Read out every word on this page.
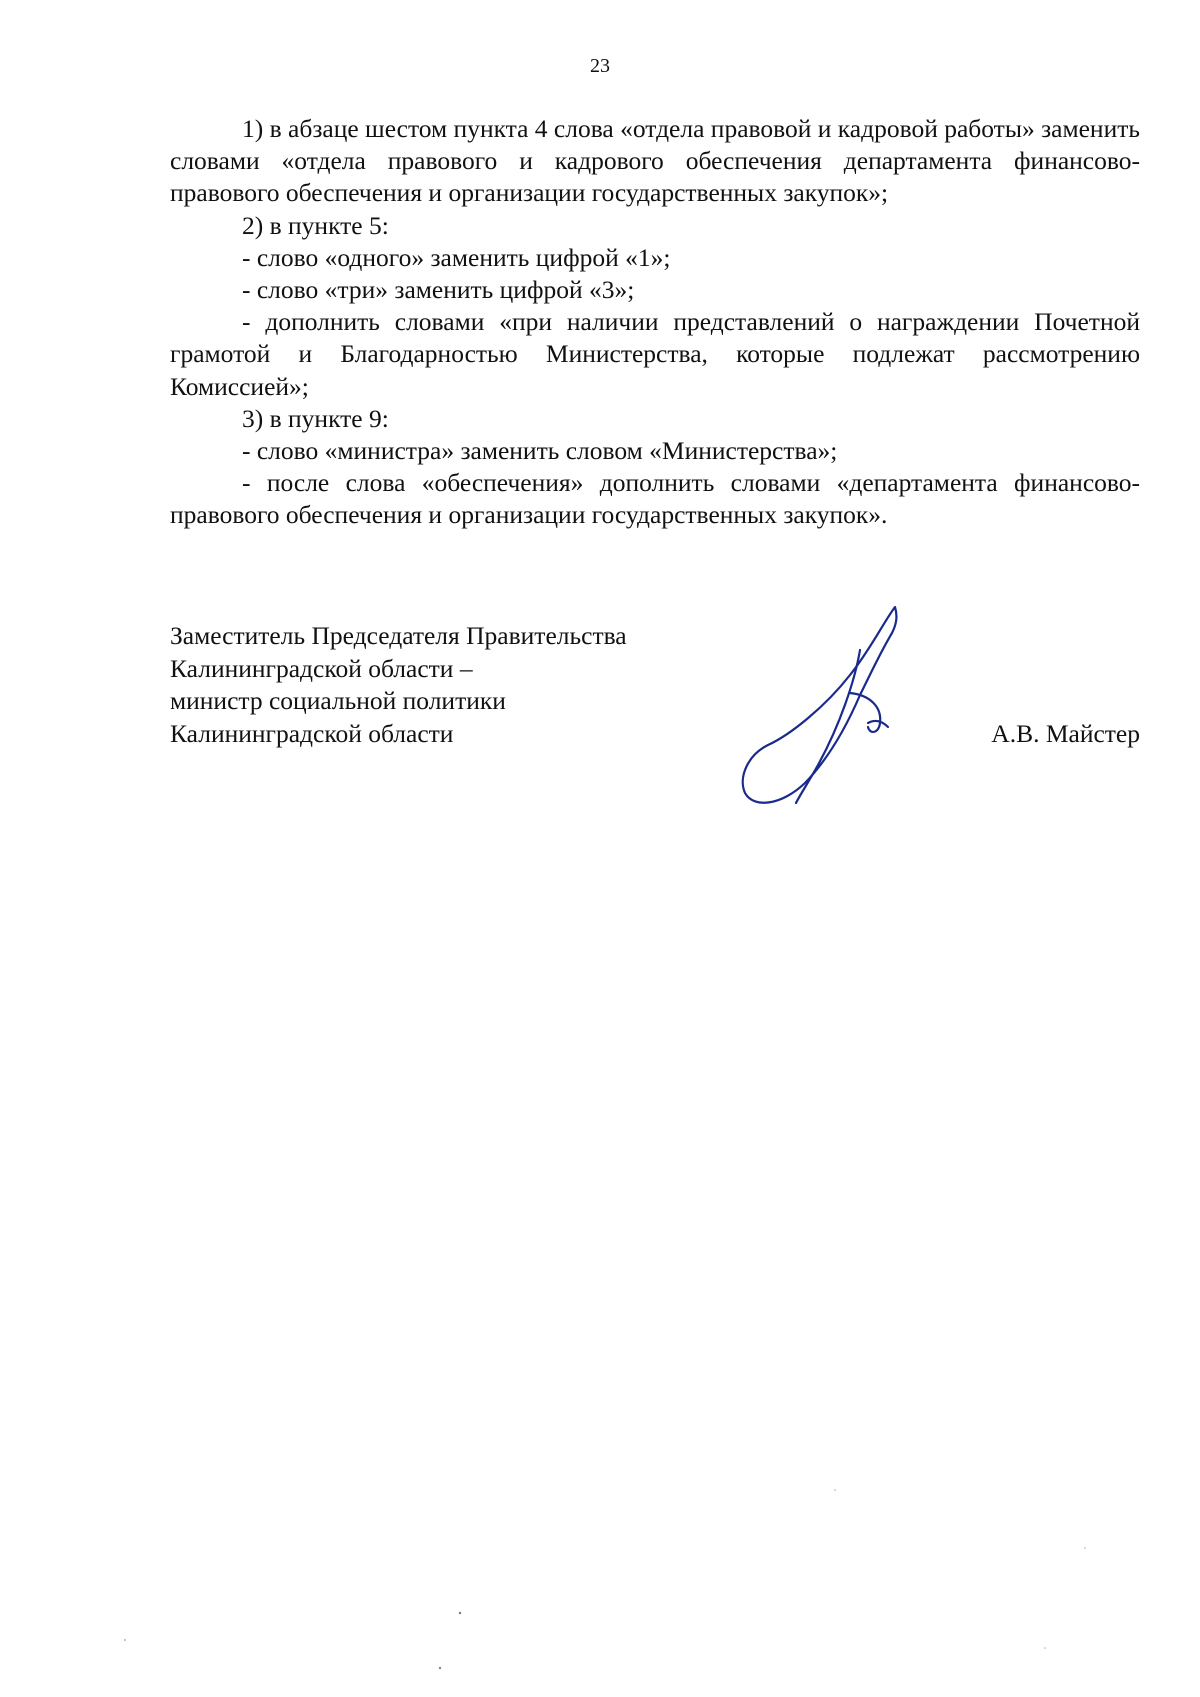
23

1) в абзаце шестом пункта 4 слова «отдела правовой и кадровой работы» заменить словами «отдела правового и кадрового обеспечения департамента финансово-правового обеспечения и организации государственных закупок»;

2) в пункте 5:

- слово «одного» заменить цифрой «1»;

- слово «три» заменить цифрой «3»;

- дополнить словами «при наличии представлений о награждении Почетной грамотой и Благодарностью Министерства, которые подлежат рассмотрению Комиссией»;

3) в пункте 9:

- слово «министра» заменить словом «Министерства»;

- после слова «обеспечения» дополнить словами «департамента финансово-правового обеспечения и организации государственных закупок».

Заместитель Председателя Правительства
Калининградской области –
министр социальной политики
Калининградской области	А.В. Майстер
